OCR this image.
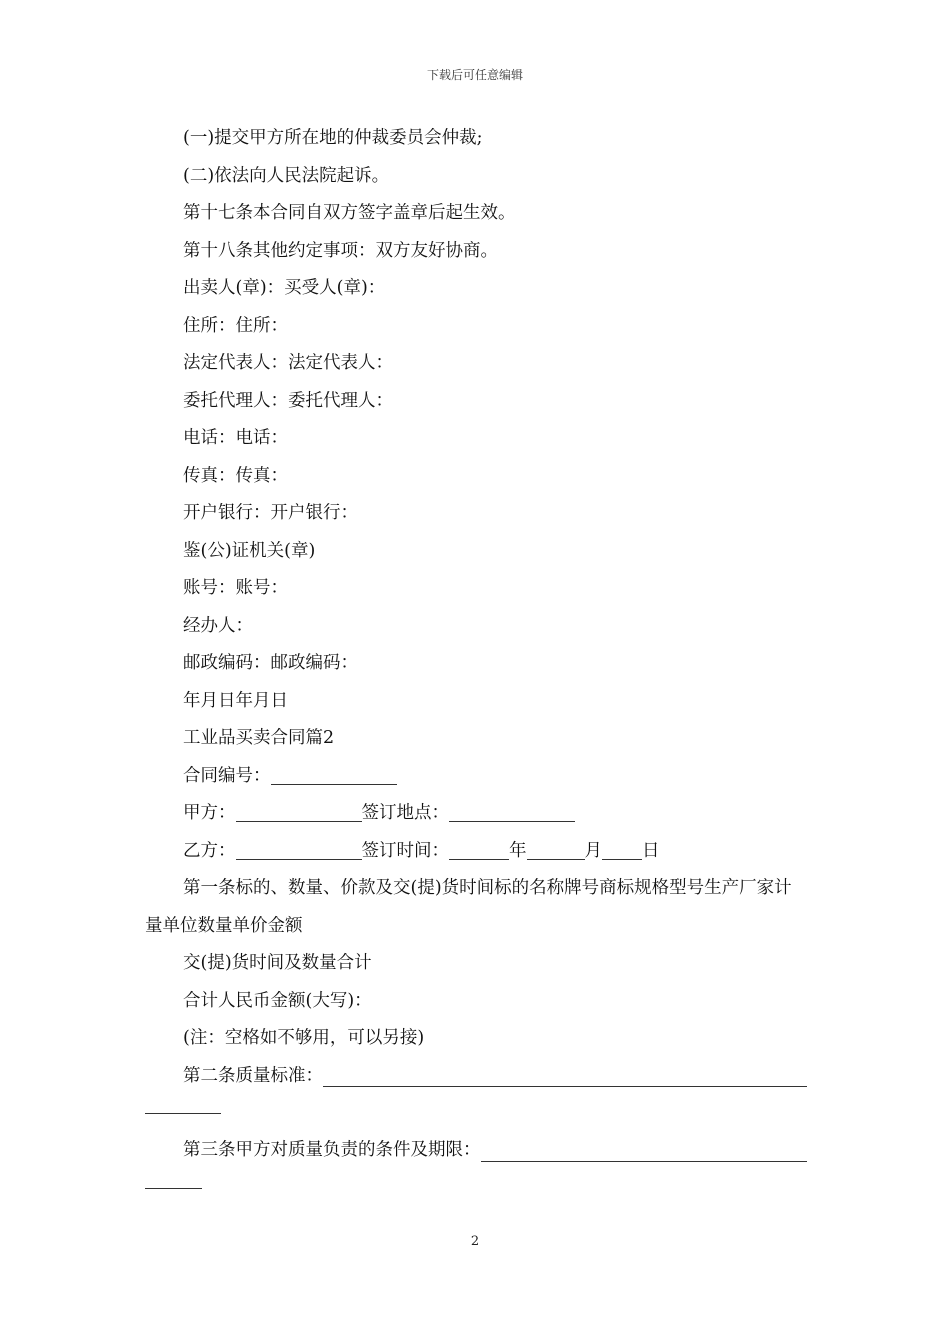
下载后可任意编辑

(一)提交甲方所在地的仲裁委员会仲裁;

(二)依法向人民法院起诉。

第十七条本合同自双方签字盖章后起生效。

第十八条其他约定事项：双方友好协商。

出卖人(章)：买受人(章)：

住所：住所：

法定代表人：法定代表人：

委托代理人：委托代理人：

电话：电话：

传真：传真：

开户银行：开户银行：

鉴(公)证机关(章)

账号：账号：

经办人：

邮政编码：邮政编码：

年月日年月日

工业品买卖合同篇2

合同编号：

甲方：	签订地点：

乙方：	签订时间：	年	月 日

第一条标的、数量、价款及交(提)货时间标的名称牌号商标规格型号生产厂家计量单位数量单价金额

交(提)货时间及数量合计

合计人民币金额(大写)：

(注：空格如不够用，可以另接)

第二条质量标准：
第三条甲方对质量负责的条件及期限：
2
